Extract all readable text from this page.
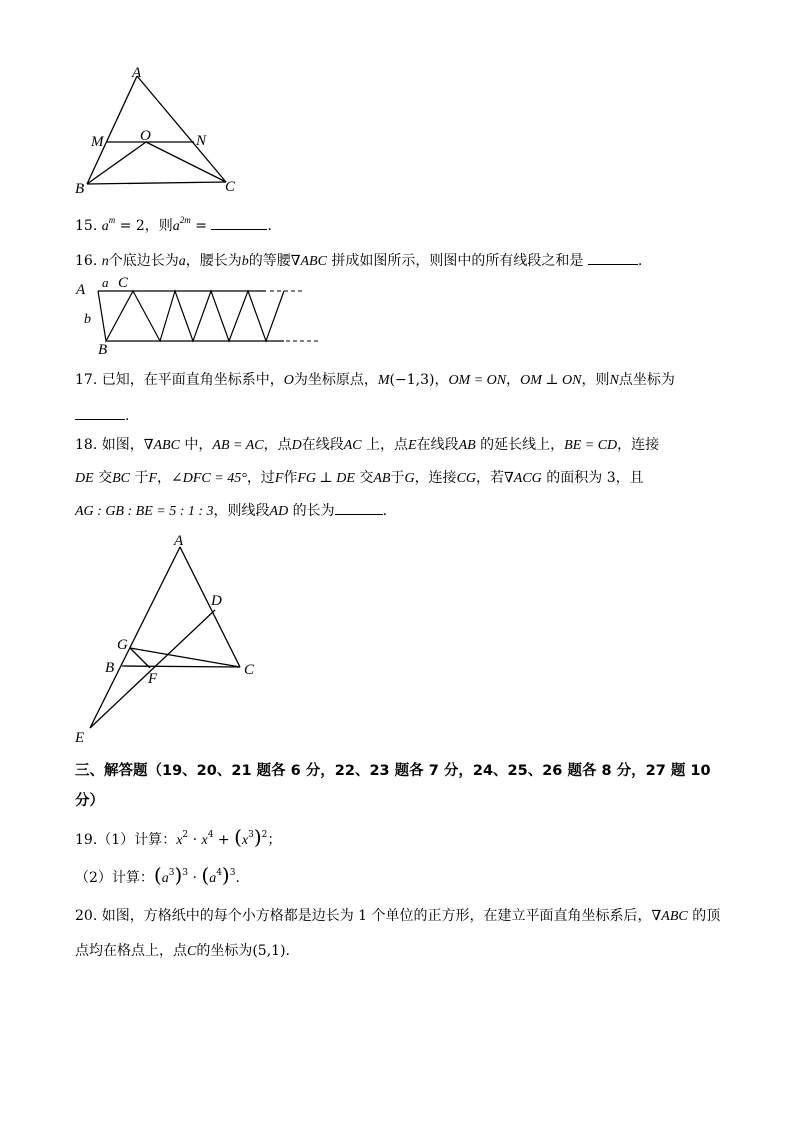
A
M O	N
B	C
15. $a^m = 2$，则$a^{2m}$ =	.
16. n个底边长为a，腰长为b的等腰∇ABC 拼成如图所示，则图中的所有线段之和是	.
A a C
b
B
17. 已知，在平面直角坐标系中，O为坐标原点，M(−1,3)，OM = ON，OM ⊥ ON，则N点坐标为
.
18. 如图，∇ABC 中，AB = AC，点D在线段AC 上，点E在线段AB 的延长线上，BE = CD，连接
DE 交BC 于F，∠DFC = 45°，过F作FG ⊥ DE 交AB于G，连接CG，若∇ACG 的面积为 3，且
AG : GB : BE = 5 : 1 : 3，则线段AD 的长为	.
A
D
G
B
F
C
E
三、解答题（19、20、21 题各 6 分，22、23 题各 7 分，24、25、26 题各 8 分，27 题 10
分）
19.（1）计算：$x^2 \cdot x^4 + (x^3)^2$；
（2）计算：$(a^3)^3 \cdot (a^4)^3$.
20. 如图，方格纸中的每个小方格都是边长为 1 个单位的正方形，在建立平面直角坐标系后，∇ABC 的顶
点均在格点上，点C的坐标为(5,1).
